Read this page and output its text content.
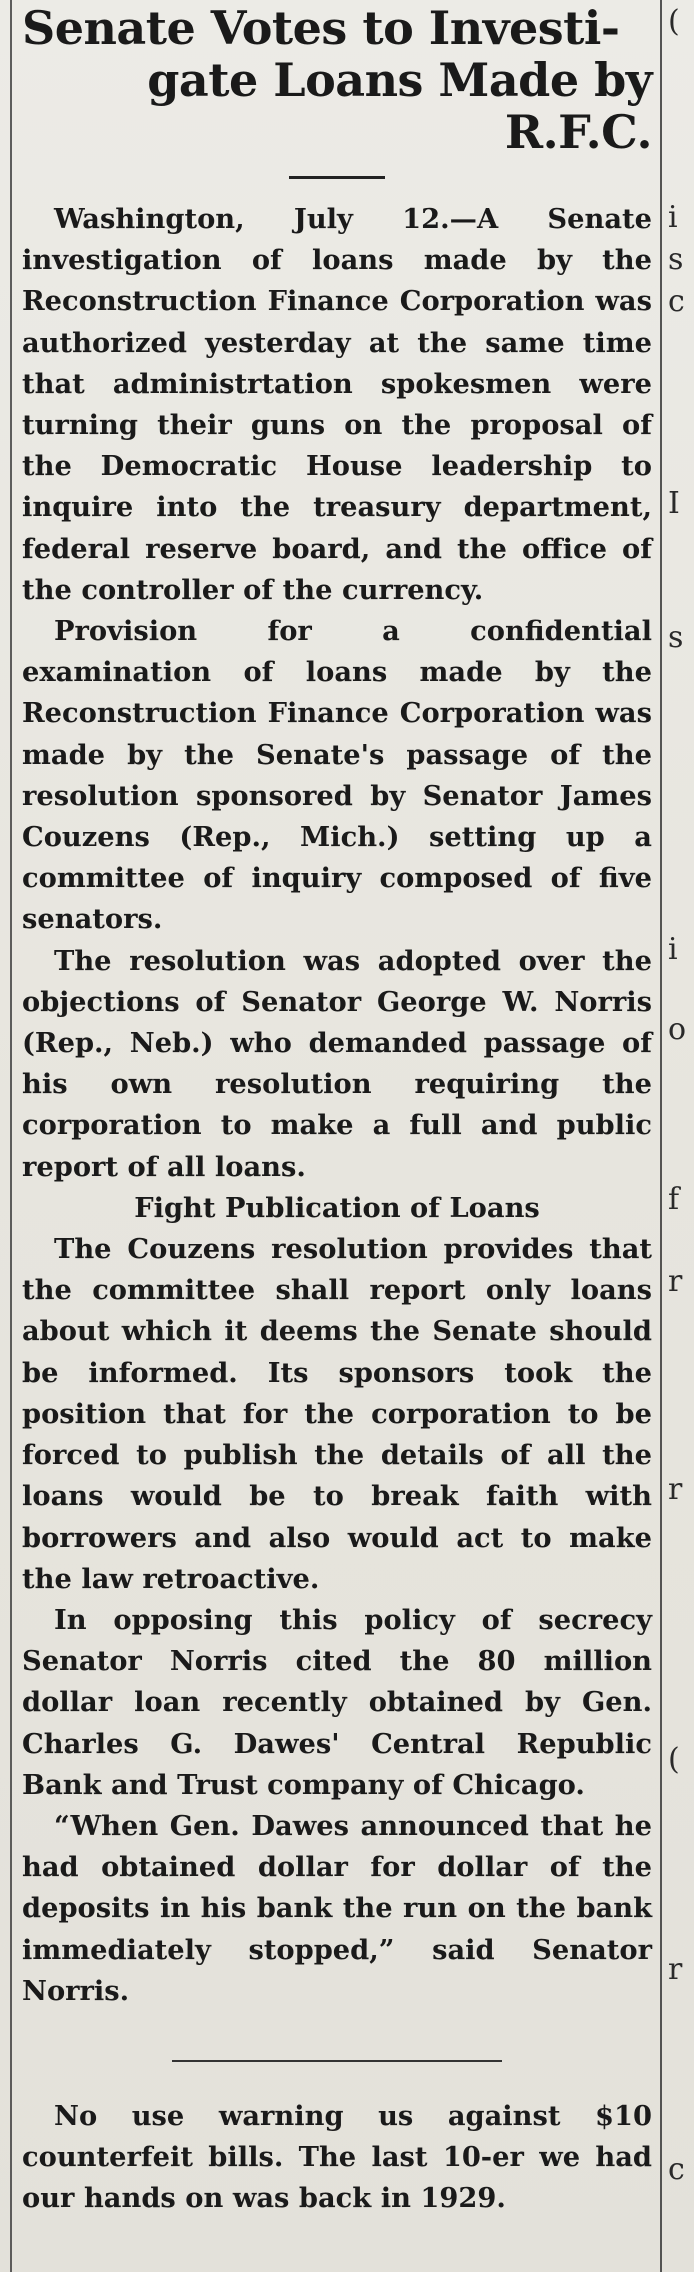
(
i
s
c
I
s
i
o
f
r
r
(
r
c
Senate Votes to Investi-
gate Loans Made by R.F.C.

Washington, July 12.—A Senate investigation of loans made by the Reconstruction Finance Corporation was authorized yesterday at the same time that administrtation spokesmen were turning their guns on the proposal of the Democratic House leadership to inquire into the treasury department, federal reserve board, and the office of the controller of the currency.

Provision for a confidential examination of loans made by the Reconstruction Finance Corporation was made by the Senate's passage of the resolution sponsored by Senator James Couzens (Rep., Mich.) setting up a committee of inquiry composed of five senators.

The resolution was adopted over the objections of Senator George W. Norris (Rep., Neb.) who demanded passage of his own resolution requiring the corporation to make a full and public report of all loans.

Fight Publication of Loans

The Couzens resolution provides that the committee shall report only loans about which it deems the Senate should be informed. Its sponsors took the position that for the corporation to be forced to publish the details of all the loans would be to break faith with borrowers and also would act to make the law retroactive.

In opposing this policy of secrecy Senator Norris cited the 80 million dollar loan recently obtained by Gen. Charles G. Dawes' Central Republic Bank and Trust company of Chicago.

“When Gen. Dawes announced that he had obtained dollar for dollar of the deposits in his bank the run on the bank immediately stopped,” said Senator Norris.

No use warning us against $10 counterfeit bills. The last 10-er we had our hands on was back in 1929.
